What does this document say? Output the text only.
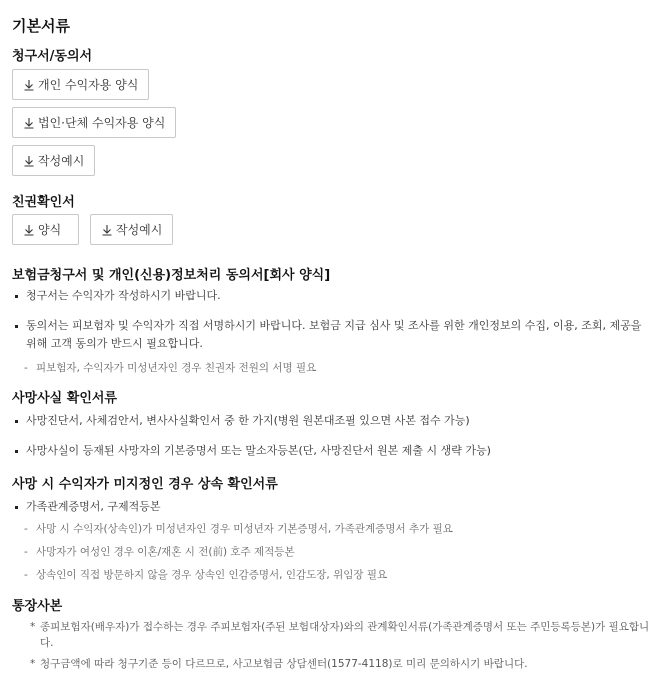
기본서류
청구서/동의서
개인 수익자용 양식
법인·단체 수익자용 양식
작성예시
친권확인서
양식	작성예시
보험금청구서 및 개인(신용)정보처리 동의서[회사 양식]
청구서는 수익자가 작성하시기 바랍니다.
동의서는 피보험자 및 수익자가 직접 서명하시기 바랍니다. 보험금 지급 심사 및 조사를 위한 개인정보의 수집, 이용, 조회, 제공을 위해 고객 동의가 반드시 필요합니다.
- 피보험자, 수익자가 미성년자인 경우 친권자 전원의 서명 필요
사망사실 확인서류
사망진단서, 사체검안서, 변사사실확인서 중 한 가지(병원 원본대조필 있으면 사본 접수 가능)
사망사실이 등재된 사망자의 기본증명서 또는 말소자등본(단, 사망진단서 원본 제출 시 생략 가능)
사망 시 수익자가 미지정인 경우 상속 확인서류
가족관계증명서, 구제적등본
- 사망 시 수익자(상속인)가 미성년자인 경우 미성년자 기본증명서, 가족관계증명서 추가 필요
- 사망자가 여성인 경우 이혼/재혼 시 전(前) 호주 제적등본
- 상속인이 직접 방문하지 않을 경우 상속인 인감증명서, 인감도장, 위임장 필요
통장사본
* 종피보험자(배우자)가 접수하는 경우 주피보험자(주된 보험대상자)와의 관계확인서류(가족관계증명서 또는 주민등록등본)가 필요합니다.
* 청구금액에 따라 청구기준 등이 다르므로, 사고보험금 상담센터(1577-4118)로 미리 문의하시기 바랍니다.
